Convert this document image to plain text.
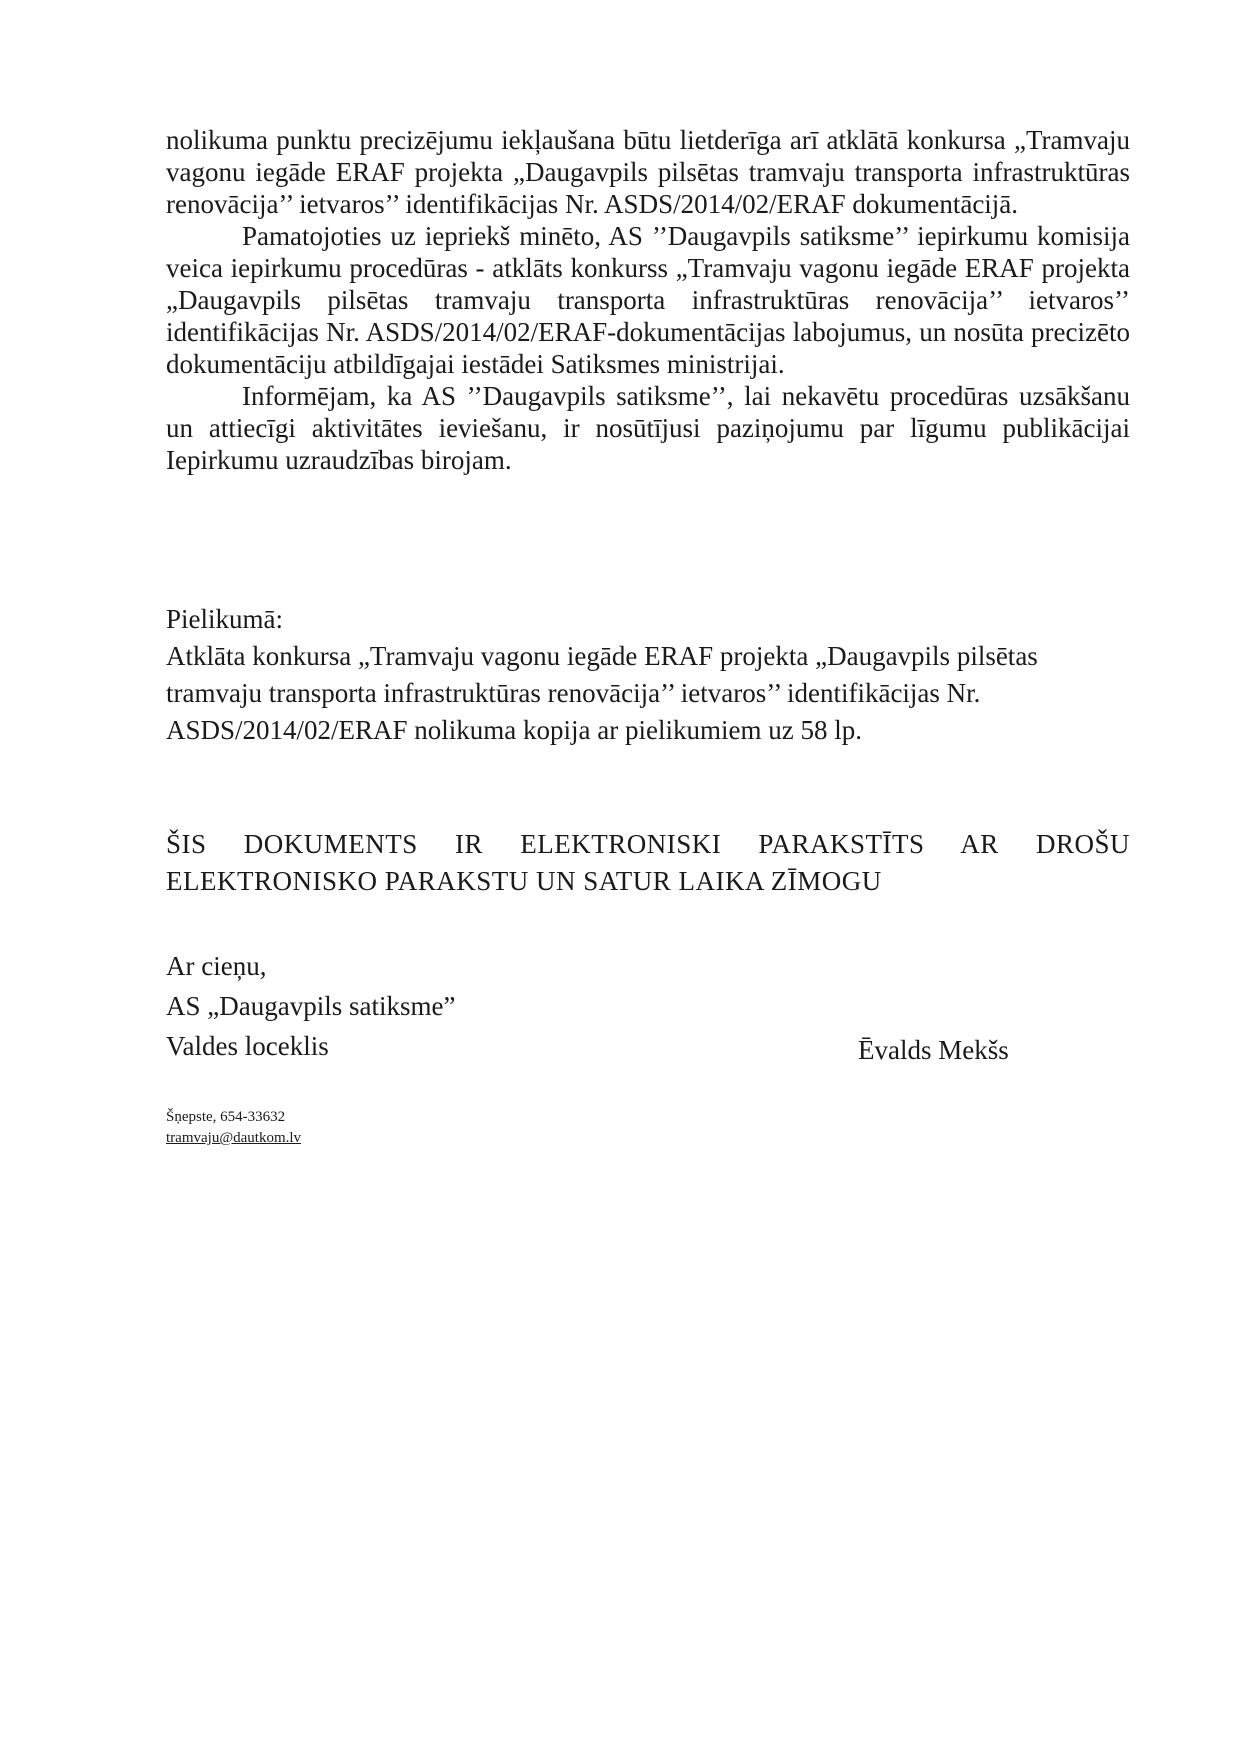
nolikuma punktu precizējumu iekļaušana būtu lietderīga arī atklātā konkursa „Tramvaju vagonu iegāde ERAF projekta „Daugavpils pilsētas tramvaju transporta infrastruktūras renovācija’’ ietvaros’’ identifikācijas Nr. ASDS/2014/02/ERAF dokumentācijā.

Pamatojoties uz iepriekš minēto, AS ’’Daugavpils satiksme’’ iepirkumu komisija veica iepirkumu procedūras - atklāts konkurss „Tramvaju vagonu iegāde ERAF projekta „Daugavpils pilsētas tramvaju transporta infrastruktūras renovācija’’ ietvaros’’ identifikācijas Nr. ASDS/2014/02/ERAF-dokumentācijas labojumus, un nosūta precizēto dokumentāciju atbildīgajai iestādei Satiksmes ministrijai.

Informējam, ka AS ’’Daugavpils satiksme’’, lai nekavētu procedūras uzsākšanu un attiecīgi aktivitātes ieviešanu, ir nosūtījusi paziņojumu par līgumu publikācijai Iepirkumu uzraudzības birojam.

Pielikumā:

Atklāta konkursa „Tramvaju vagonu iegāde ERAF projekta „Daugavpils pilsētas tramvaju transporta infrastruktūras renovācija’’ ietvaros’’ identifikācijas Nr. ASDS/2014/02/ERAF nolikuma kopija ar pielikumiem uz 58 lp.

ŠIS DOKUMENTS IR ELEKTRONISKI PARAKSTĪTS AR DROŠU ELEKTRONISKO PARAKSTU UN SATUR LAIKA ZĪMOGU
Ar cieņu,
AS „Daugavpils satiksme”
Valdes loceklis	Ēvalds Mekšs
Šņepste, 654-33632
tramvaju@dautkom.lv
